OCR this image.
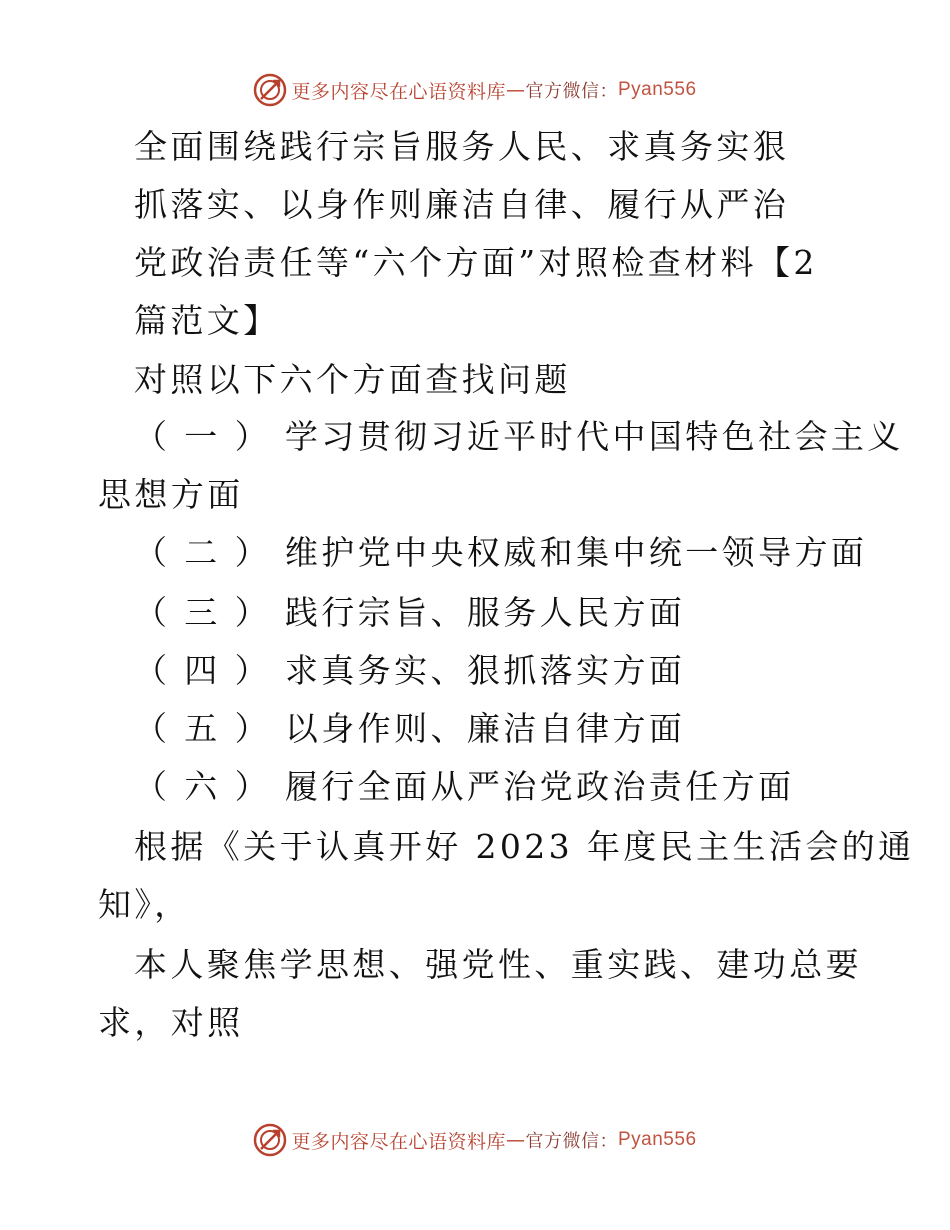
更多内容尽在心语资料库 — 官方微信： Pyan556

全面围绕践行宗旨服务人民、求真务实狠

抓落实、以身作则廉洁自律、履行从严治

党政治责任等“六个方面”对照检查材料【2

篇范文】

对照以下六个方面查找问题

（ 一 ） 学习贯彻习近平时代中国特色社会主义

思想方面

（ 二 ） 维护党中央权威和集中统一领导方面

（ 三 ） 践行宗旨、服务人民方面

（ 四 ） 求真务实、狠抓落实方面

（ 五 ） 以身作则、廉洁自律方面

（ 六 ） 履行全面从严治党政治责任方面

根据《关于认真开好 2023 年度民主生活会的通

知》，

本人聚焦学思想、强党性、重实践、建功总要

求，对照

更多内容尽在心语资料库 — 官方微信： Pyan556
